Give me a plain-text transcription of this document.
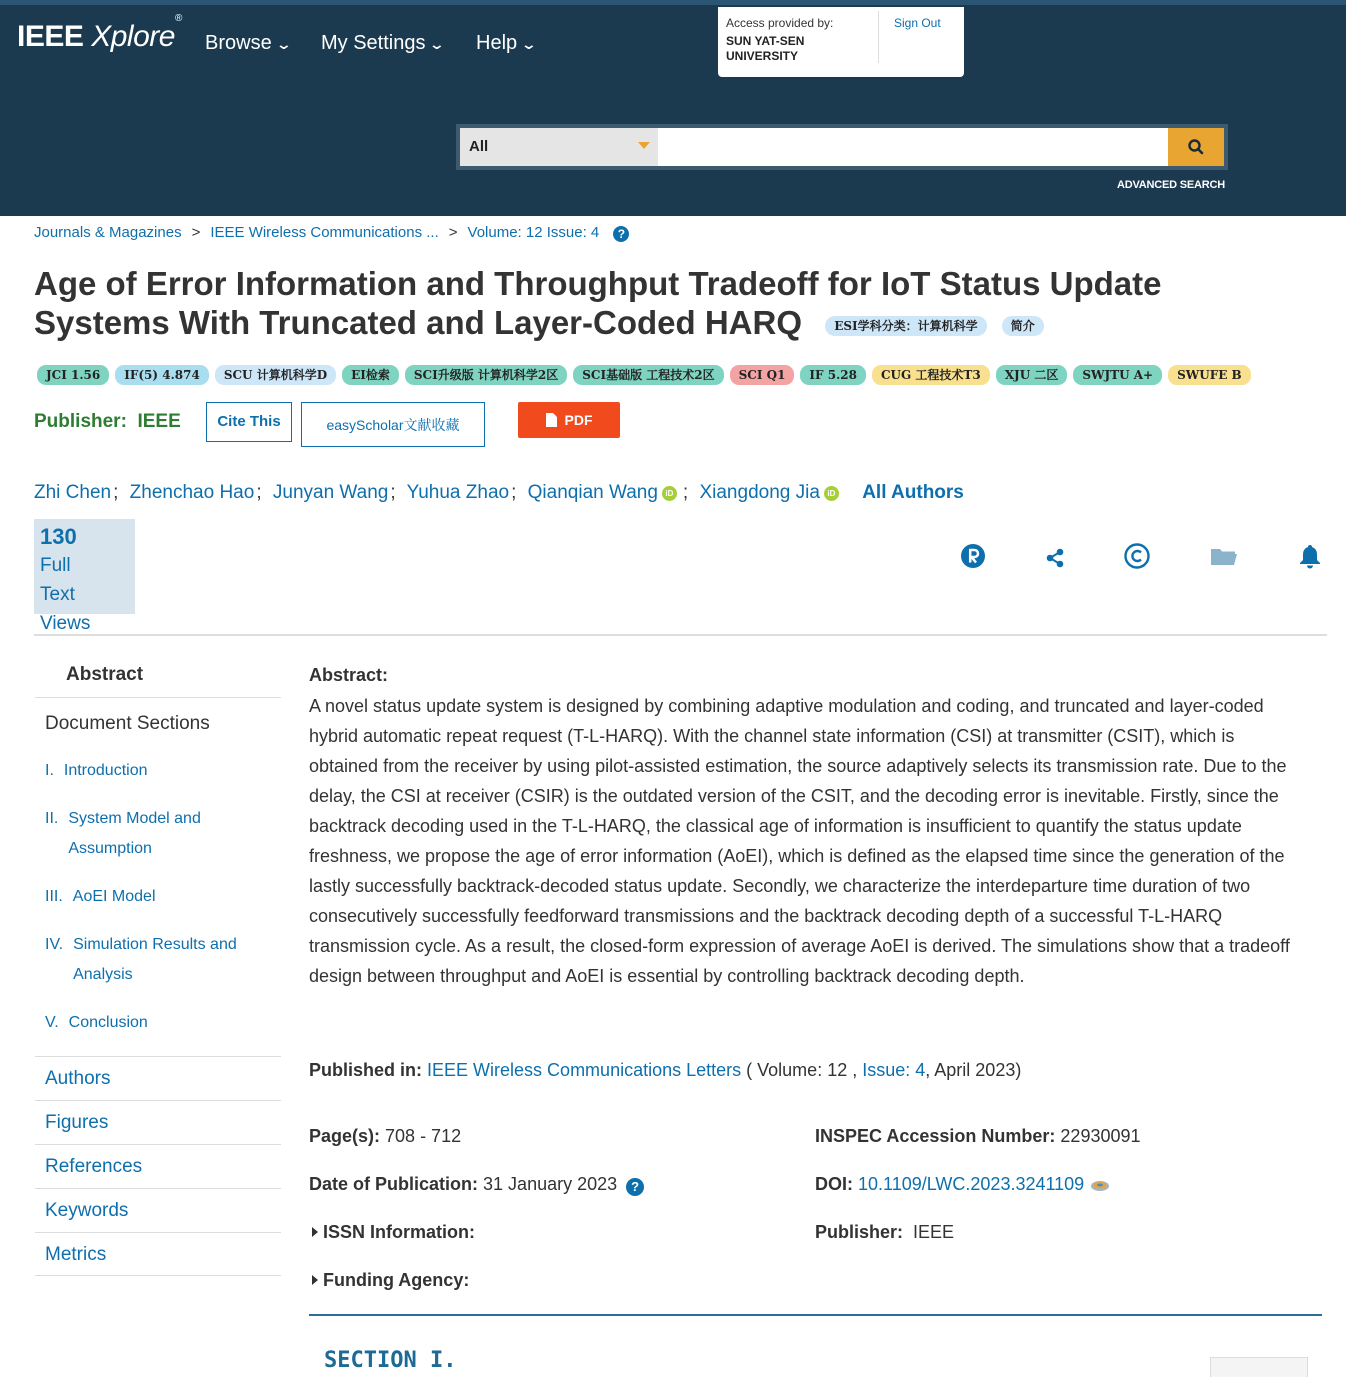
IEEE Xplore®
Browse ⌄ My Settings ⌄ Help ⌄
Access provided by:
SUN YAT-SEN UNIVERSITY
Sign Out
All
ADVANCED SEARCH
Journals & Magazines > IEEE Wireless Communications ... > Volume: 12 Issue: 4 ?
Age of Error Information and Throughput Tradeoff for IoT Status Update Systems With Truncated and Layer-Coded HARQ	ESI学科分类：计算机科学	简介
JCI 1.56 IF(5) 4.874 SCU 计算机科学D EI检索 SCI升级版 计算机科学2区 SCI基础版 工程技术2区 SCI Q1 IF 5.28 CUG 工程技术T3 XJU 二区 SWJTU A+ SWUFE B
Publisher: IEEE	Cite This	easyScholar文献收藏	PDF
Zhi Chen ; Zhenchao Hao ; Junyan Wang ; Yuhua Zhao ; Qianqian Wang iD ; Xiangdong Jia iD All Authors
130
Full
Text Views
Abstract
Document Sections
I. Introduction
II. System Model and Assumption
III. AoEI Model
IV. Simulation Results and Analysis
V. Conclusion
Authors
Figures
References
Keywords
Metrics
Abstract:

A novel status update system is designed by combining adaptive modulation and coding, and truncated and layer-coded hybrid automatic repeat request (T-L-HARQ). With the channel state information (CSI) at transmitter (CSIT), which is obtained from the receiver by using pilot-assisted estimation, the source adaptively selects its transmission rate. Due to the delay, the CSI at receiver (CSIR) is the outdated version of the CSIT, and the decoding error is inevitable. Firstly, since the backtrack decoding used in the T-L-HARQ, the classical age of information is insufficient to quantify the status update freshness, we propose the age of error information (AoEI), which is defined as the elapsed time since the generation of the lastly successfully backtrack-decoded status update. Secondly, we characterize the interdeparture time duration of two consecutively successfully feedforward transmissions and the backtrack decoding depth of a successful T-L-HARQ transmission cycle. As a result, the closed-form expression of average AoEI is derived. The simulations show that a tradeoff design between throughput and AoEI is essential by controlling backtrack decoding depth.

Published in: IEEE Wireless Communications Letters ( Volume: 12 , Issue: 4, April 2023)
Page(s): 708 - 712
Date of Publication: 31 January 2023 ?
ISSN Information:
Funding Agency:
INSPEC Accession Number: 22930091
DOI: 10.1109/LWC.2023.3241109
Publisher: IEEE
SECTION I.
